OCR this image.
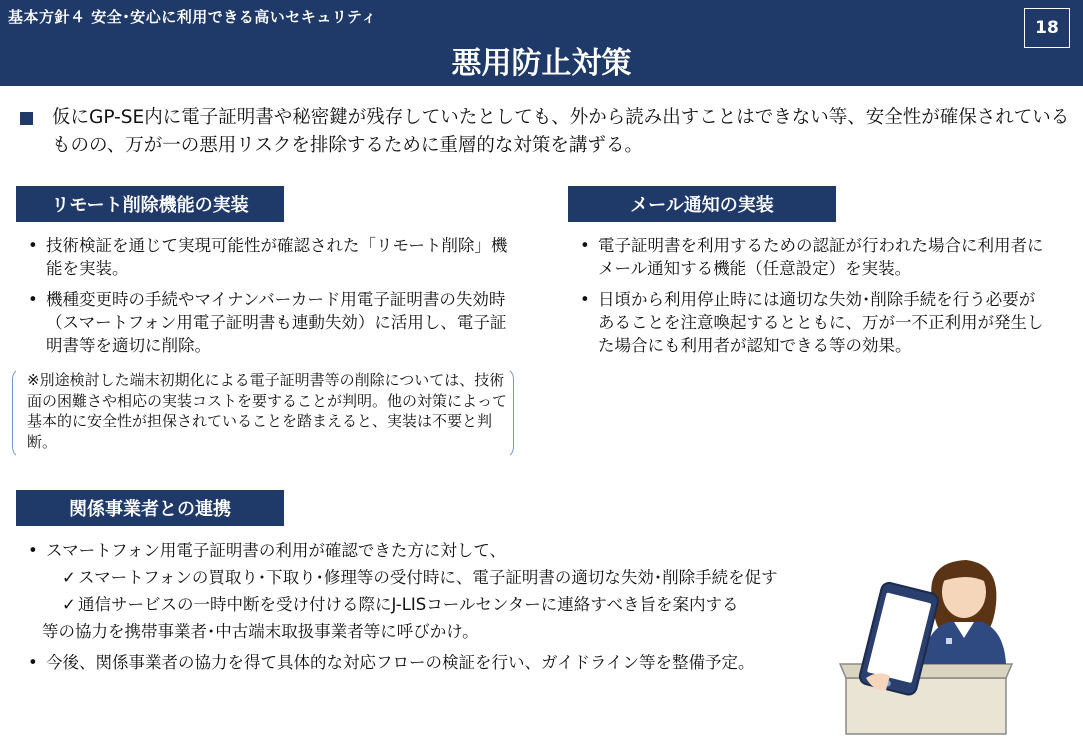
基本方針４ 安全･安心に利用できる高いセキュリティ
悪用防止対策
18
仮にGP-SE内に電子証明書や秘密鍵が残存していたとしても、外から読み出すことはできない等、安全性が確保されているものの、万が一の悪用リスクを排除するために重層的な対策を講ずる。
リモート削除機能の実装
• 技術検証を通じて実現可能性が確認された「リモート削除」機能を実装。
• 機種変更時の手続やマイナンバーカード用電子証明書の失効時（スマートフォン用電子証明書も連動失効）に活用し、電子証明書等を適切に削除。
※別途検討した端末初期化による電子証明書等の削除については、技術面の困難さや相応の実装コストを要することが判明。他の対策によって基本的に安全性が担保されていることを踏まえると、実装は不要と判断。
メール通知の実装
• 電子証明書を利用するための認証が行われた場合に利用者にメール通知する機能（任意設定）を実装。
• 日頃から利用停止時には適切な失効･削除手続を行う必要があることを注意喚起するとともに、万が一不正利用が発生した場合にも利用者が認知できる等の効果。
関係事業者との連携
• スマートフォン用電子証明書の利用が確認できた方に対して、
✓ スマートフォンの買取り･下取り･修理等の受付時に、電子証明書の適切な失効･削除手続を促す
✓ 通信サービスの一時中断を受け付ける際にJ-LISコールセンターに連絡すべき旨を案内する
等の協力を携帯事業者･中古端末取扱事業者等に呼びかけ。
• 今後、関係事業者の協力を得て具体的な対応フローの検証を行い、ガイドライン等を整備予定。
